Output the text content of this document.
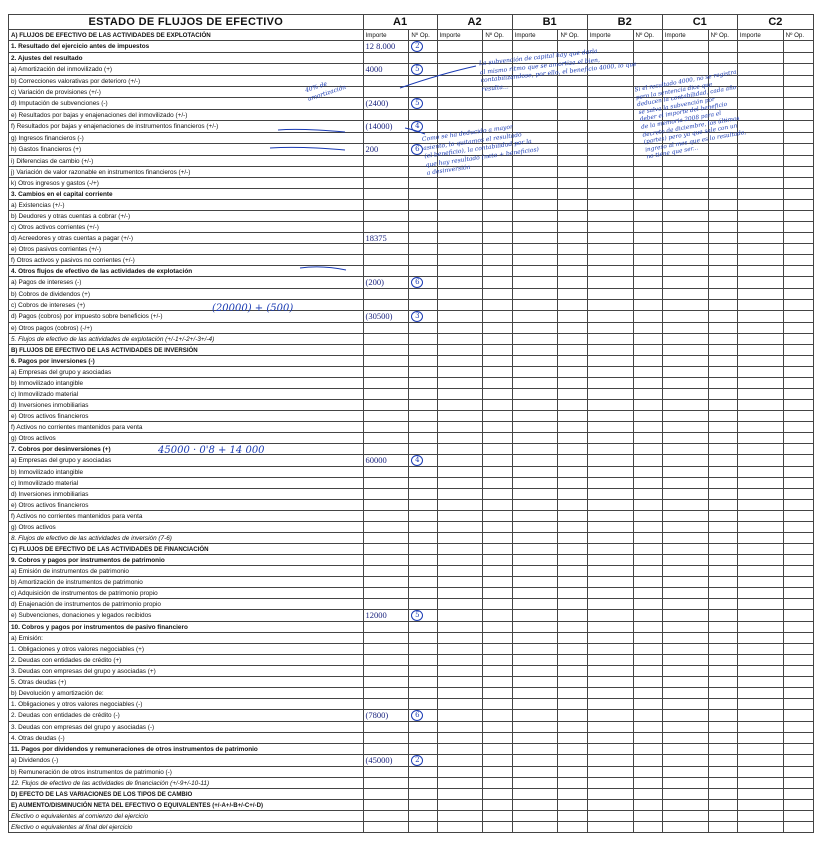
ESTADO DE FLUJOS DE EFECTIVO	A1		A2		B1		B2		C1		C2	
A) FLUJOS DE EFECTIVO DE LAS ACTIVIDADES DE EXPLOTACIÓN	Importe	Nº Op.	Importe	Nº Op.	Importe	Nº Op.	Importe	Nº Op.	Importe	Nº Op.	Importe	Nº Op.
1. Resultado del ejercicio antes de impuestos	12 8.000	2										
2. Ajustes del resultado												
a) Amortización del inmovilizado (+)	4000	5										
b) Correcciones valorativas por deterioro (+/-)												
c) Variación de provisiones (+/-)												
d) Imputación de subvenciones (-)	(2400)	5										
e) Resultados por bajas y enajenaciones del inmovilizado (+/-)												
f) Resultados por bajas y enajenaciones de instrumentos financieros (+/-)	(14000)	4										
g) Ingresos financieros (-)												
h) Gastos financieros (+)	200	6										
i) Diferencias de cambio (+/-)												
j) Variación de valor razonable en instrumentos financieros (+/-)												
k) Otros ingresos y gastos (-/+)												
3. Cambios en el capital corriente												
a) Existencias (+/-)												
b) Deudores y otras cuentas a cobrar (+/-)												
c) Otros activos corrientes (+/-)												
d) Acreedores y otras cuentas a pagar (+/-)	18375											
e) Otros pasivos corrientes (+/-)												
f) Otros activos y pasivos no corrientes (+/-)												
4. Otros flujos de efectivo de las actividades de explotación												
a) Pagos de intereses (-)	(200)	6										
b) Cobros de dividendos (+)												
c) Cobros de intereses (+)												
d) Pagos (cobros) por impuesto sobre beneficios (+/-)	(30500)	3										
e) Otros pagos (cobros) (-/+)												
5. Flujos de efectivo de las actividades de explotación (+/-1+/-2+/-3+/-4)												
B) FLUJOS DE EFECTIVO DE LAS ACTIVIDADES DE INVERSIÓN												
6. Pagos por inversiones (-)												
a) Empresas del grupo y asociadas												
b) Inmovilizado intangible												
c) Inmovilizado material												
d) Inversiones inmobiliarias												
e) Otros activos financieros												
f) Activos no corrientes mantenidos para venta												
g) Otros activos												
7. Cobros por desinversiones (+)												
a) Empresas del grupo y asociadas	60000	4										
b) Inmovilizado intangible												
c) Inmovilizado material												
d) Inversiones inmobiliarias												
e) Otros activos financieros												
f) Activos no corrientes mantenidos para venta												
g) Otros activos												
8. Flujos de efectivo de las actividades de inversión (7-6)												
C) FLUJOS DE EFECTIVO DE LAS ACTIVIDADES DE FINANCIACIÓN												
9. Cobros y pagos por instrumentos de patrimonio												
a) Emisión de instrumentos de patrimonio												
b) Amortización de instrumentos de patrimonio												
c) Adquisición de instrumentos de patrimonio propio												
d) Enajenación de instrumentos de patrimonio propio												
e) Subvenciones, donaciones y legados recibidos	12000	5										
10. Cobros y pagos por instrumentos de pasivo financiero												
a) Emisión:												
1. Obligaciones y otros valores negociables (+)												
2. Deudas con entidades de crédito (+)												
3. Deudas con empresas del grupo y asociadas (+)												
5. Otras deudas (+)												
b) Devolución y amortización de:												
1. Obligaciones y otros valores negociables (-)												
2. Deudas con entidades de crédito (-)	(7800)	6										
3. Deudas con empresas del grupo y asociadas (-)												
4. Otras deudas (-)												
11. Pagos por dividendos y remuneraciones de otros instrumentos de patrimonio												
a) Dividendos (-)	(45000)	2										
b) Remuneración de otros instrumentos de patrimonio (-)												
12. Flujos de efectivo de las actividades de financiación (+/-9+/-10-11)												
D) EFECTO DE LAS VARIACIONES DE LOS TIPOS DE CAMBIO												
E) AUMENTO/DISMINUCIÓN NETA DEL EFECTIVO O EQUIVALENTES (+/-A+/-B+/-C+/-D)												
Efectivo o equivalentes al comienzo del ejercicio												
Efectivo o equivalentes al final del ejercicio												
40% de
amortización
(20000) + (500)
45000 · 0'8 + 14 000
La subvención de capital hay que darla
al mismo ritmo que se amortiza el bien,
contabilizándose, por ello, el beneficio 4000, lo que
resulta...
Como se ha deducido a mayor
asiento, lo quitamos el resultado
(el beneficio), la contabilidad por la
que hay resultado (neto + beneficios)
a desinversión
Si el resultado 4000, no se registra
pero la sentencia dice que
deducen la contabilidad, cada año
se salva la subvención por
deber el importe del beneficio
de la memoria 2008 para el
decreto de diciembre, los últimos
(partes) pero ya que sale con un
ingreso al mes que es lo resultado,
no tiene que ser...
